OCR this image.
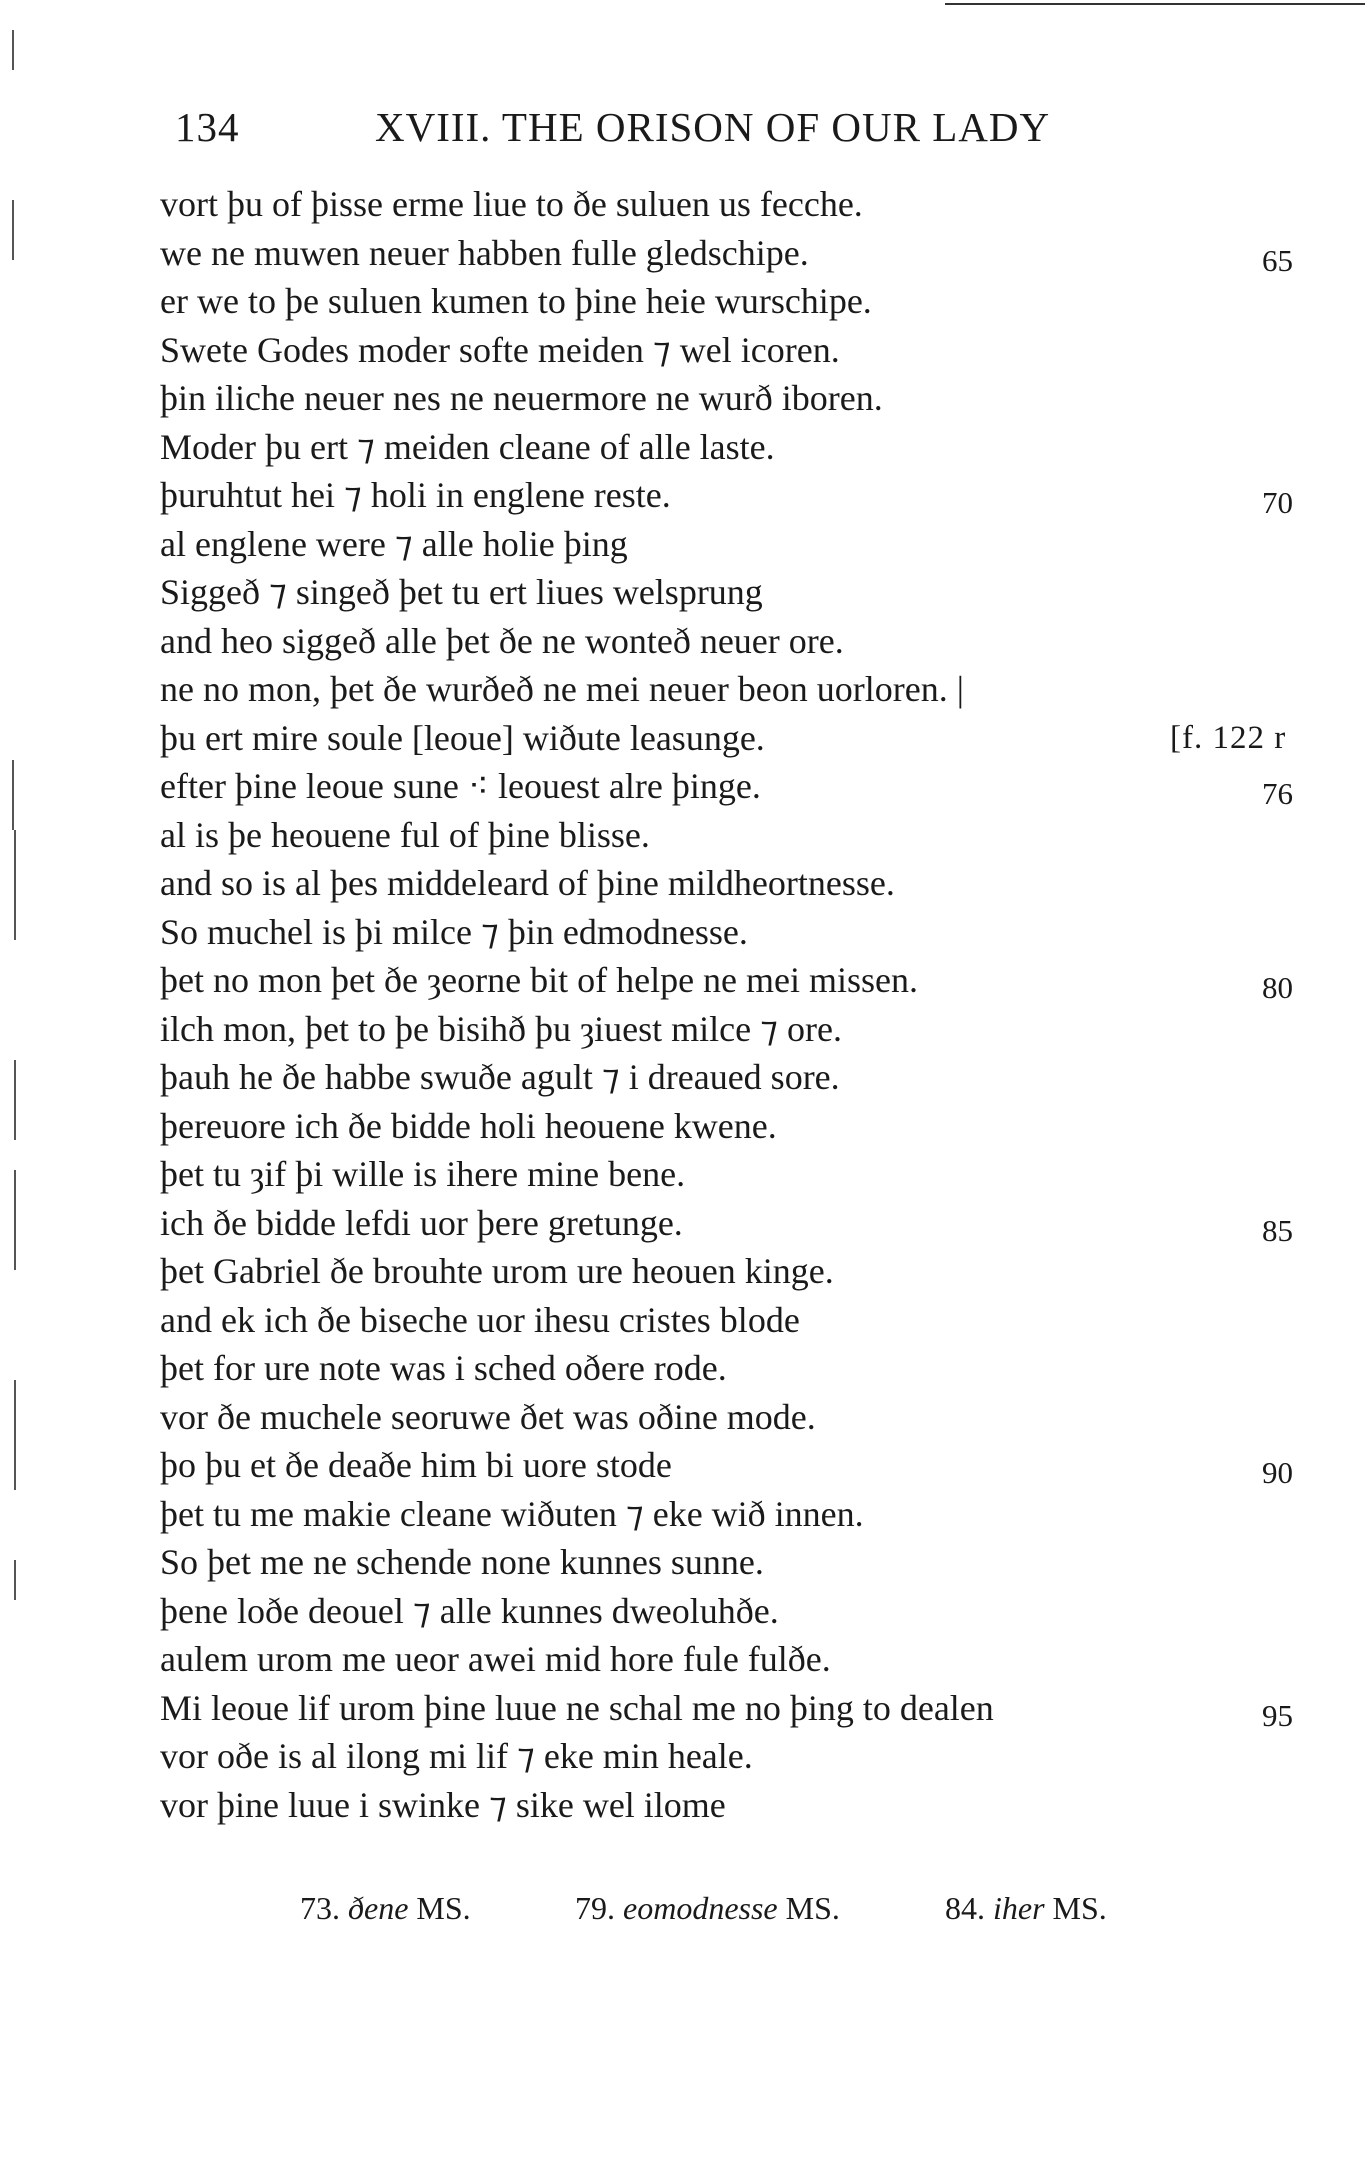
134	XVIII. THE ORISON OF OUR LADY
vort þu of þisse erme liue to ðe suluen us fecche.
we ne muwen neuer habben fulle gledschipe.	65
er we to þe suluen kumen to þine heie wurschipe.
Swete Godes moder softe meiden ⁊ wel icoren.
þin iliche neuer nes ne neuermore ne wurð iboren.
Moder þu ert ⁊ meiden cleane of alle laste.
þuruhtut hei ⁊ holi in englene reste.	70
al englene were ⁊ alle holie þing
Siggeð ⁊ singeð þet tu ert liues welsprung
and heo siggeð alle þet ðe ne wonteð neuer ore.
ne no mon, þet ðe wurðeð ne mei neuer beon uorloren. |
þu ert mire soule [leoue] wiðute leasunge.	[f. 122 r
efter þine leoue sune ⁖ leouest alre þinge.	76
al is þe heouene ful of þine blisse.
and so is al þes middeleard of þine mildheortnesse.
So muchel is þi milce ⁊ þin edmodnesse.
þet no mon þet ðe ȝeorne bit of helpe ne mei missen.	80
ilch mon, þet to þe bisihð þu ȝiuest milce ⁊ ore.
þauh he ðe habbe swuðe agult ⁊ i dreaued sore.
þereuore ich ðe bidde holi heouene kwene.
þet tu ȝif þi wille is ihere mine bene.
ich ðe bidde lefdi uor þere gretunge.	85
þet Gabriel ðe brouhte urom ure heouen kinge.
and ek ich ðe biseche uor ihesu cristes blode
þet for ure note was i sched oðere rode.
vor ðe muchele seoruwe ðet was oðine mode.
þo þu et ðe deaðe him bi uore stode	90
þet tu me makie cleane wiðuten ⁊ eke wið innen.
So þet me ne schende none kunnes sunne.
þene loðe deouel ⁊ alle kunnes dweoluhðe.
aulem urom me ueor awei mid hore fule fulðe.
Mi leoue lif urom þine luue ne schal me no þing to dealen	95
vor oðe is al ilong mi lif ⁊ eke min heale.
vor þine luue i swinke ⁊ sike wel ilome
73. ðene MS.	79. eomodnesse MS.	84. iher MS.
